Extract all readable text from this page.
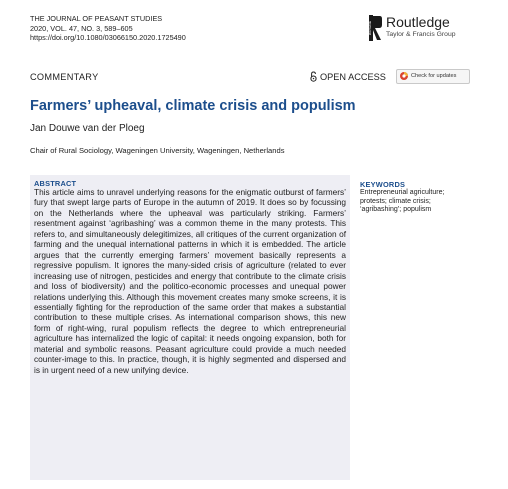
THE JOURNAL OF PEASANT STUDIES
2020, VOL. 47, NO. 3, 589–605
https://doi.org/10.1080/03066150.2020.1725490
ROUTLEDGE Routledge
Taylor & Francis Group
COMMENTARY	OPEN ACCESS	Check for updates
Farmers’ upheaval, climate crisis and populism
Jan Douwe van der Ploeg
Chair of Rural Sociology, Wageningen University, Wageningen, Netherlands
ABSTRACT
This article aims to unravel underlying reasons for the enigmatic outburst of farmers’ fury that swept large parts of Europe in the autumn of 2019. It does so by focussing on the Netherlands where the upheaval was particularly striking. Farmers’ resentment against ‘agribashing’ was a common theme in the many protests. This refers to, and simultaneously delegitimizes, all critiques of the current organization of farming and the unequal international patterns in which it is embedded. The article argues that the currently emerging farmers’ movement basically represents a regressive populism. It ignores the many-sided crisis of agriculture (related to ever increasing use of nitrogen, pesticides and energy that contribute to the climate crisis and loss of biodiversity) and the politico-economic processes and unequal power relations underlying this. Although this movement creates many smoke screens, it is essentially fighting for the reproduction of the same order that makes a substantial contribution to these multiple crises. As international comparison shows, this new form of right-wing, rural populism reflects the degree to which entrepreneurial agriculture has internalized the logic of capital: it needs ongoing expansion, both for material and symbolic reasons. Peasant agriculture could provide a much needed counter-image to this. In practice, though, it is highly segmented and dispersed and is in urgent need of a new unifying device.
KEYWORDS
Entrepreneurial agriculture;
protests; climate crisis;
‘agribashing’; populism
